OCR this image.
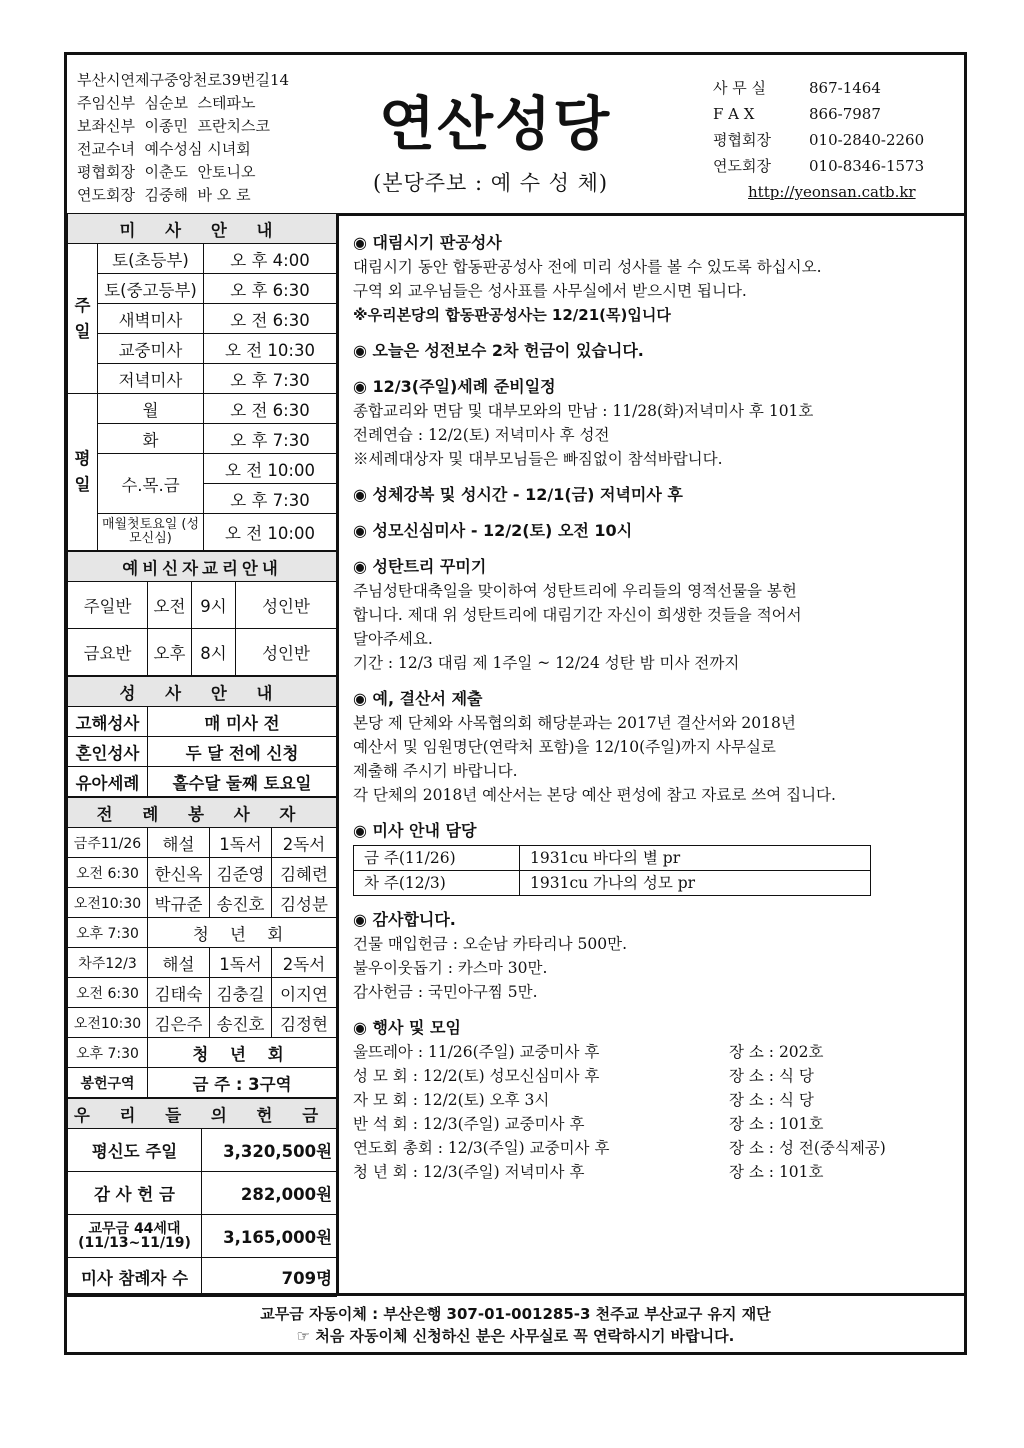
부산시연제구중앙천로39번길14
주임신부 심순보 스테파노
보좌신부 이종민 프란치스코
전교수녀 예수성심 시녀회
평협회장 이춘도 안토니오
연도회장 김중해 바 오 로
연산성당
(본당주보 : 예 수 성 체)
사 무 실	867-1464
F A X	866-7987
평협회장	010-2840-2260
연도회장	010-8346-1573
http://yeonsan.catb.kr
미 사 안 내		

주일	토(초등부)	오 후 4:00
	토(중고등부)	오 후 6:30
	새벽미사	오 전 6:30
	교중미사	오 전 10:30
	저녁미사	오 후 7:30

평일	월	오 전 6:30
	화	오 후 7:30
	수.목.금	오 전 10:00
		오 후 7:30
	매월첫토요일 (성모신심)	오 전 10:00
예비신자교리안내			
주일반	오전	9시	성인반
금요반	오후	8시	성인반
성 사 안 내	
고해성사	매 미사 전
혼인성사	두 달 전에 신청
유아세례	홀수달 둘째 토요일
전 례 봉 사 자			
금주11/26	해설	1독서	2독서
오전 6:30	한신옥	김준영	김혜련
오전10:30	박규준	송진호	김성분
오후 7:30	청 년 회		
차주12/3	해설	1독서	2독서
오전 6:30	김태숙	김충길	이지연
오전10:30	김은주	송진호	김정현
오후 7:30	청 년 회		
봉헌구역	금 주 : 3구역		
우 리 들 의 헌 금	
평신도 주일	3,320,500원
감 사 헌 금	282,000원
교무금 44세대 (11/13~11/19)	3,165,000원
미사 참례자 수	709명
◉ 대림시기 판공성사

대림시기 동안 합동판공성사 전에 미리 성사를 볼 수 있도록 하십시오.

구역 외 교우님들은 성사표를 사무실에서 받으시면 됩니다.

※우리본당의 합동판공성사는 12/21(목)입니다

◉ 오늘은 성전보수 2차 헌금이 있습니다.
◉ 12/3(주일)세례 준비일정

종합교리와 면담 및 대부모와의 만남 : 11/28(화)저녁미사 후 101호

전례연습 : 12/2(토) 저녁미사 후 성전

※세례대상자 및 대부모님들은 빠짐없이 참석바랍니다.

◉ 성체강복 및 성시간 - 12/1(금) 저녁미사 후
◉ 성모신심미사 - 12/2(토) 오전 10시
◉ 성탄트리 꾸미기

주님성탄대축일을 맞이하여 성탄트리에 우리들의 영적선물을 봉헌

합니다. 제대 위 성탄트리에 대림기간 자신이 희생한 것들을 적어서

달아주세요.

기간 : 12/3 대림 제 1주일 ~ 12/24 성탄 밤 미사 전까지

◉ 예, 결산서 제출

본당 제 단체와 사목협의회 해당분과는 2017년 결산서와 2018년

예산서 및 임원명단(연락처 포함)을 12/10(주일)까지 사무실로

제출해 주시기 바랍니다.

각 단체의 2018년 예산서는 본당 예산 편성에 참고 자료로 쓰여 집니다.

◉ 미사 안내 담당
금 주(11/26)	1931cu 바다의 별 pr
차 주(12/3)	1931cu 가나의 성모 pr
◉ 감사합니다.

건물 매입헌금 : 오순남 카타리나 500만.

불우이웃돕기 : 카스마 30만.

감사헌금 : 국민아구찜 5만.

◉ 행사 및 모임
울뜨레아 : 11/26(주일) 교중미사 후	장 소 : 202호
성 모 회 : 12/2(토) 성모신심미사 후	장 소 : 식 당
자 모 회 : 12/2(토) 오후 3시	장 소 : 식 당
반 석 회 : 12/3(주일) 교중미사 후	장 소 : 101호
연도회 총회 : 12/3(주일) 교중미사 후	장 소 : 성 전(중식제공)
청 년 회 : 12/3(주일) 저녁미사 후	장 소 : 101호
교무금 자동이체 : 부산은행 307-01-001285-3 천주교 부산교구 유지 재단
☞ 처음 자동이체 신청하신 분은 사무실로 꼭 연락하시기 바랍니다.
